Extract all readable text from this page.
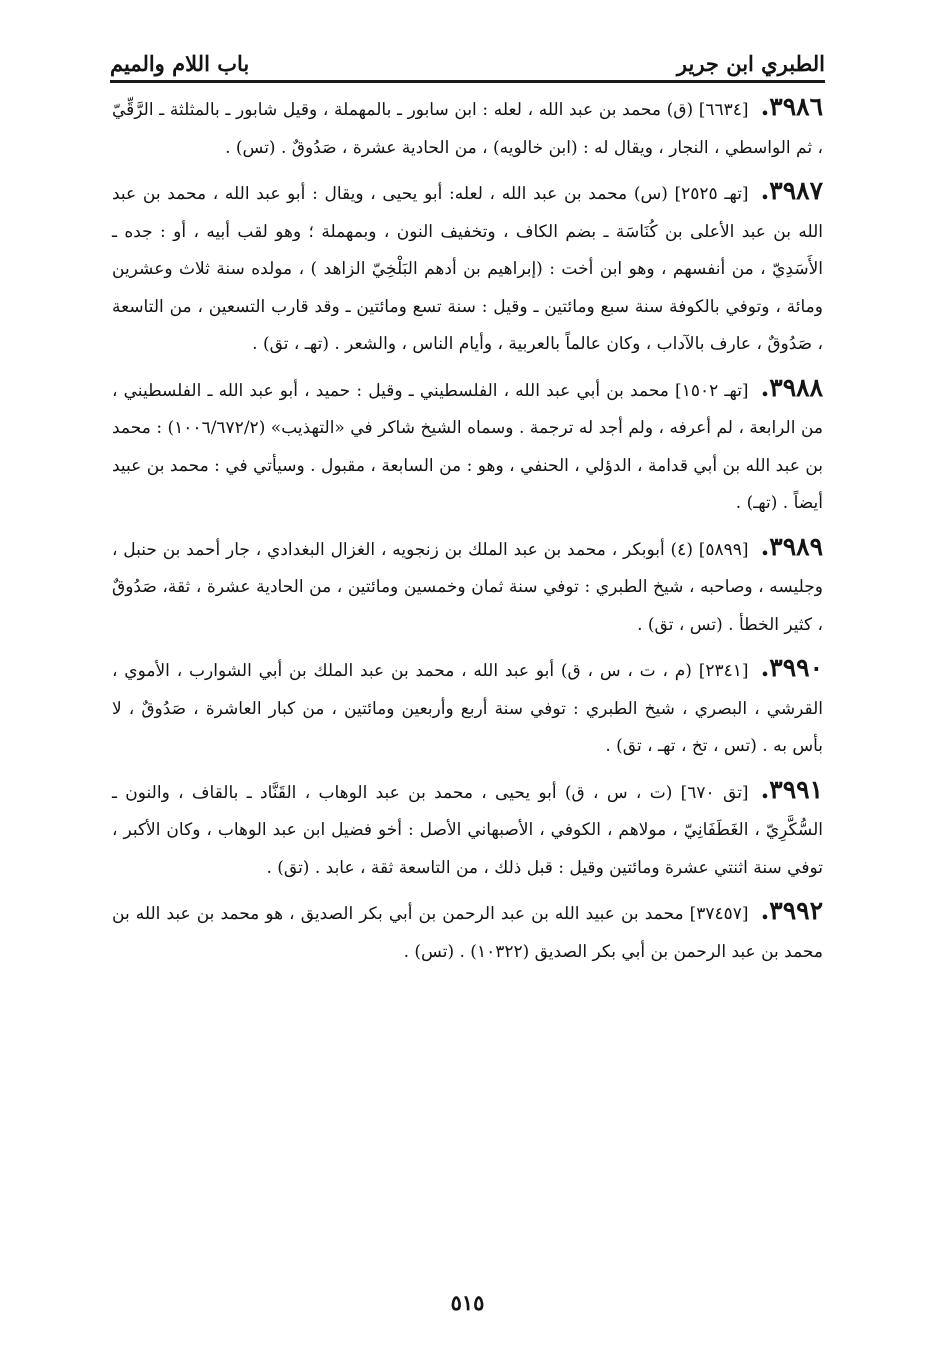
الطبري ابن جرير
باب اللام والميم

٣٩٨٦.[٦٦٣٤] (ق) محمد بن عبد الله ، لعله : ابن سابور ـ بالمهملة ، وقيل شابور ـ بالمثلثة ـ الرَّقِّيّ ، ثم الواسطي ، النجار ، ويقال له : (ابن خالويه) ، من الحادية عشرة ، صَدُوقٌ . (تس) .

٣٩٨٧.[تهـ ٢٥٢٥] (س) محمد بن عبد الله ، لعله: أبو يحيى ، ويقال : أبو عبد الله ، محمد بن عبد الله بن عبد الأعلى بن كُنَاسَة ـ بضم الكاف ، وتخفيف النون ، وبمهملة ؛ وهو لقب أبيه ، أو : جده ـ الأَسَدِيّ ، من أنفسهم ، وهو ابن أخت : (إبراهيم بن أدهم البَلْخِيّ الزاهد ) ، مولده سنة ثلاث وعشرين ومائة ، وتوفي بالكوفة سنة سبع ومائتين ـ وقيل : سنة تسع ومائتين ـ وقد قارب التسعين ، من التاسعة ، صَدُوقٌ ، عارف بالآداب ، وكان عالماً بالعربية ، وأيام الناس ، والشعر . (تهـ ، تق) .

٣٩٨٨.[تهـ ١٥٠٢] محمد بن أبي عبد الله ، الفلسطيني ـ وقيل : حميد ، أبو عبد الله ـ الفلسطيني ، من الرابعة ، لم أعرفه ، ولم أجد له ترجمة . وسماه الشيخ شاكر في «التهذيب» (١٠٠٦/٦٧٢/٢) : محمد بن عبد الله بن أبي قدامة ، الدؤلي ، الحنفي ، وهو : من السابعة ، مقبول . وسيأتي في : محمد بن عبيد أيضاً . (تهـ) .

٣٩٨٩.[٥٨٩٩] (٤) أبوبكر ، محمد بن عبد الملك بن زنجويه ، الغزال البغدادي ، جار أحمد بن حنبل ، وجليسه ، وصاحبه ، شيخ الطبري : توفي سنة ثمان وخمسين ومائتين ، من الحادية عشرة ، ثقة، صَدُوقٌ ، كثير الخطأ . (تس ، تق) .

٣٩٩٠.[٢٣٤١] (م ، ت ، س ، ق) أبو عبد الله ، محمد بن عبد الملك بن أبي الشوارب ، الأموي ، القرشي ، البصري ، شيخ الطبري : توفي سنة أربع وأربعين ومائتين ، من كبار العاشرة ، صَدُوقٌ ، لا بأس به . (تس ، تخ ، تهـ ، تق) .

٣٩٩١.[تق ٦٧٠] (ت ، س ، ق) أبو يحيى ، محمد بن عبد الوهاب ، القَنَّاد ـ بالقاف ، والنون ـ السُّكَّرِيّ ، الغَطَفَانِيّ ، مولاهم ، الكوفي ، الأصبهاني الأصل : أخو فضيل ابن عبد الوهاب ، وكان الأكبر ، توفي سنة اثنتي عشرة ومائتين وقيل : قبل ذلك ، من التاسعة ثقة ، عابد . (تق) .

٣٩٩٢.[٣٧٤٥٧] محمد بن عبيد الله بن عبد الرحمن بن أبي بكر الصديق ، هو محمد بن عبد الله بن محمد بن عبد الرحمن بن أبي بكر الصديق (١٠٣٢٢) . (تس) .

٥١٥
